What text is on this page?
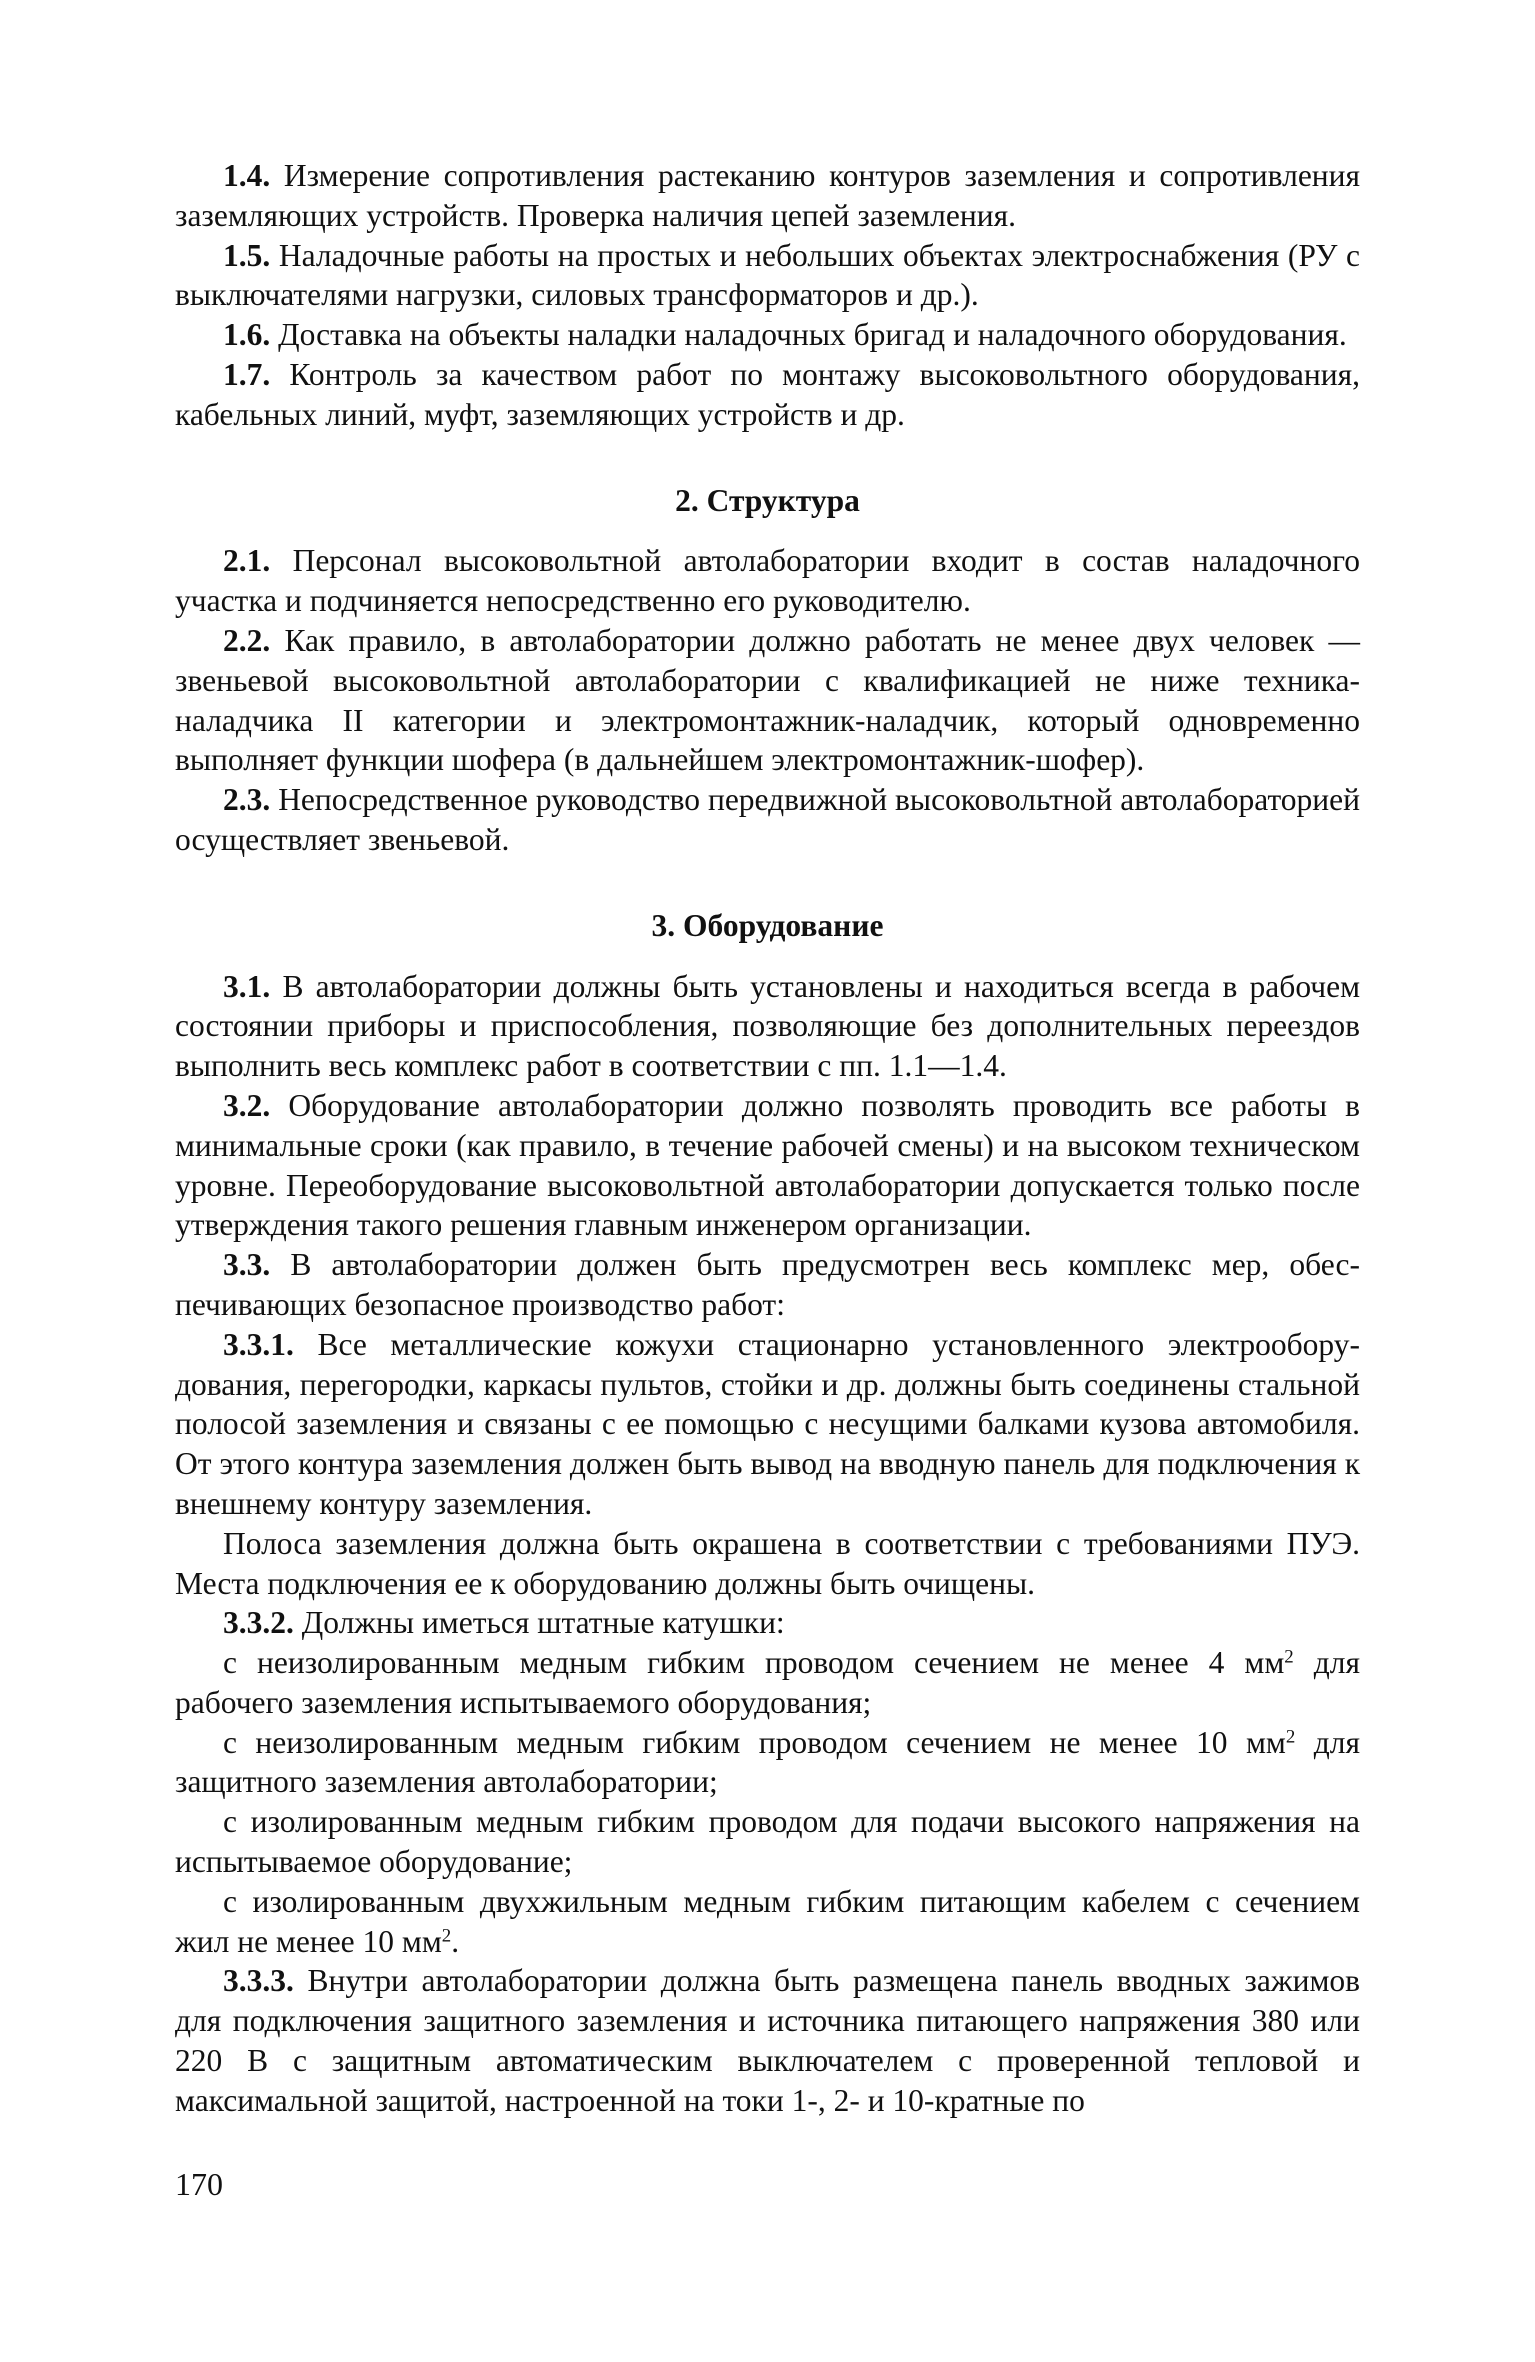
1.4. Измерение сопротивления растеканию контуров заземления и сопротивления заземляющих устройств. Проверка наличия цепей заземления.

1.5. Наладочные работы на простых и небольших объектах электроснабжения (РУ с выключателями нагрузки, силовых трансформаторов и др.).

1.6. Доставка на объекты наладки наладочных бригад и наладочного оборудования.

1.7. Контроль за качеством работ по монтажу высоковольтного оборудования, кабельных линий, муфт, заземляющих устройств и др.

2. Структура

2.1. Персонал высоковольтной автолаборатории входит в состав наладочного участка и подчиняется непосредственно его руководителю.

2.2. Как правило, в автолаборатории должно работать не менее двух человек — звеньевой высоковольтной автолаборатории с квалификацией не ниже техника-наладчика II категории и электромонтажник-наладчик, который одновременно выполняет функции шофера (в дальнейшем электромонтажник-шофер).

2.3. Непосредственное руководство передвижной высоковольтной автолабораторией осуществляет звеньевой.

3. Оборудование

3.1. В автолаборатории должны быть установлены и находиться всегда в рабочем состоянии приборы и приспособления, позволяющие без дополнительных переездов выполнить весь комплекс работ в соответствии с пп. 1.1—1.4.

3.2. Оборудование автолаборатории должно позволять проводить все работы в минимальные сроки (как правило, в течение рабочей смены) и на высоком техническом уровне. Переоборудование высоковольтной автолаборатории допускается только после утверждения такого решения главным инженером организации.

3.3. В автолаборатории должен быть предусмотрен весь комплекс мер, обеспечивающих безопасное производство работ:

3.3.1. Все металлические кожухи стационарно установленного электрооборудования, перегородки, каркасы пультов, стойки и др. должны быть соединены стальной полосой заземления и связаны с ее помощью с несущими балками кузова автомобиля. От этого контура заземления должен быть вывод на вводную панель для подключения к внешнему контуру заземления.

Полоса заземления должна быть окрашена в соответствии с требованиями ПУЭ. Места подключения ее к оборудованию должны быть очищены.

3.3.2. Должны иметься штатные катушки:

с неизолированным медным гибким проводом сечением не менее 4 $мм^2$ для рабочего заземления испытываемого оборудования;

с неизолированным медным гибким проводом сечением не менее 10 $мм^2$ для защитного заземления автолаборатории;

с изолированным медным гибким проводом для подачи высокого напряжения на испытываемое оборудование;

с изолированным двухжильным медным гибким питающим кабелем с сечением жил не менее 10 $мм^2$.

3.3.3. Внутри автолаборатории должна быть размещена панель вводных зажимов для подключения защитного заземления и источника питающего напряжения 380 или 220 В с защитным автоматическим выключателем с проверенной тепловой и максимальной защитой, настроенной на токи 1-, 2- и 10-кратные по

170
